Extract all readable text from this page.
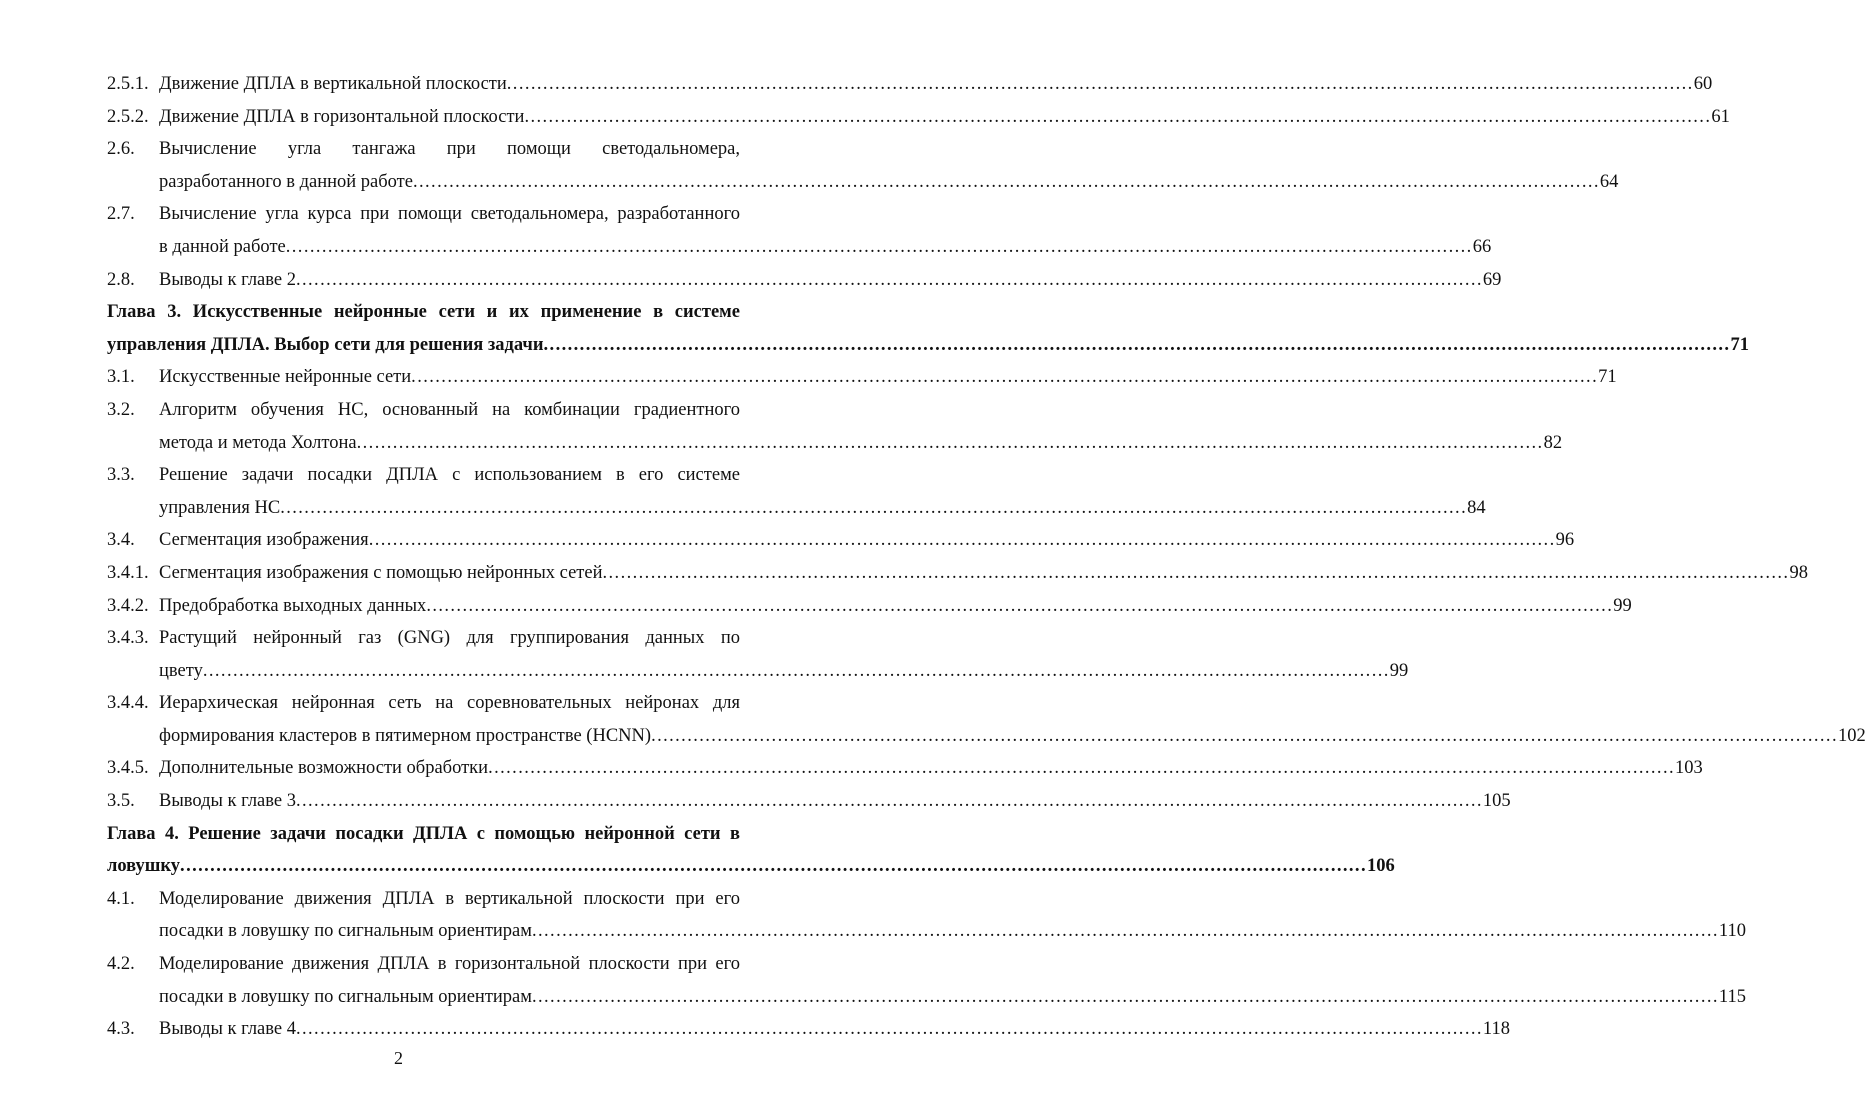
2.5.1. Движение ДПЛА в вертикальной плоскости .....	60
2.5.2. Движение ДПЛА в горизонтальной плоскости .....	61
2.6. Вычисление угла тангажа при помощи светодальномера,
разработанного в данной работе .....	64
2.7. Вычисление угла курса при помощи светодальномера, разработанного
в данной работе .....	66
2.8. Выводы к главе 2 .....	69
Глава 3. Искусственные нейронные сети и их применение в системе
управления ДПЛА. Выбор сети для решения задачи .....	71
3.1. Искусственные нейронные сети .....	71
3.2. Алгоритм обучения НС, основанный на комбинации градиентного
метода и метода Холтона .....	82
3.3. Решение задачи посадки ДПЛА с использованием в его системе
управления НС .....	84
3.4. Сегментация изображения .....	96
3.4.1. Сегментация изображения с помощью нейронных сетей .....	98
3.4.2. Предобработка выходных данных .....	99
3.4.3. Растущий нейронный газ (GNG) для группирования данных по
цвету .....	99
3.4.4. Иерархическая нейронная сеть на соревновательных нейронах для
формирования кластеров в пятимерном пространстве (HCNN) .....	102
3.4.5. Дополнительные возможности обработки .....	103
3.5. Выводы к главе 3 .....	105
Глава 4. Решение задачи посадки ДПЛА с помощью нейронной сети в
ловушку .....	106
4.1. Моделирование движения ДПЛА в вертикальной плоскости при его
посадки в ловушку по сигнальным ориентирам .....	110
4.2. Моделирование движения ДПЛА в горизонтальной плоскости при его
посадки в ловушку по сигнальным ориентирам .....	115
4.3. Выводы к главе 4 .....	118
2
